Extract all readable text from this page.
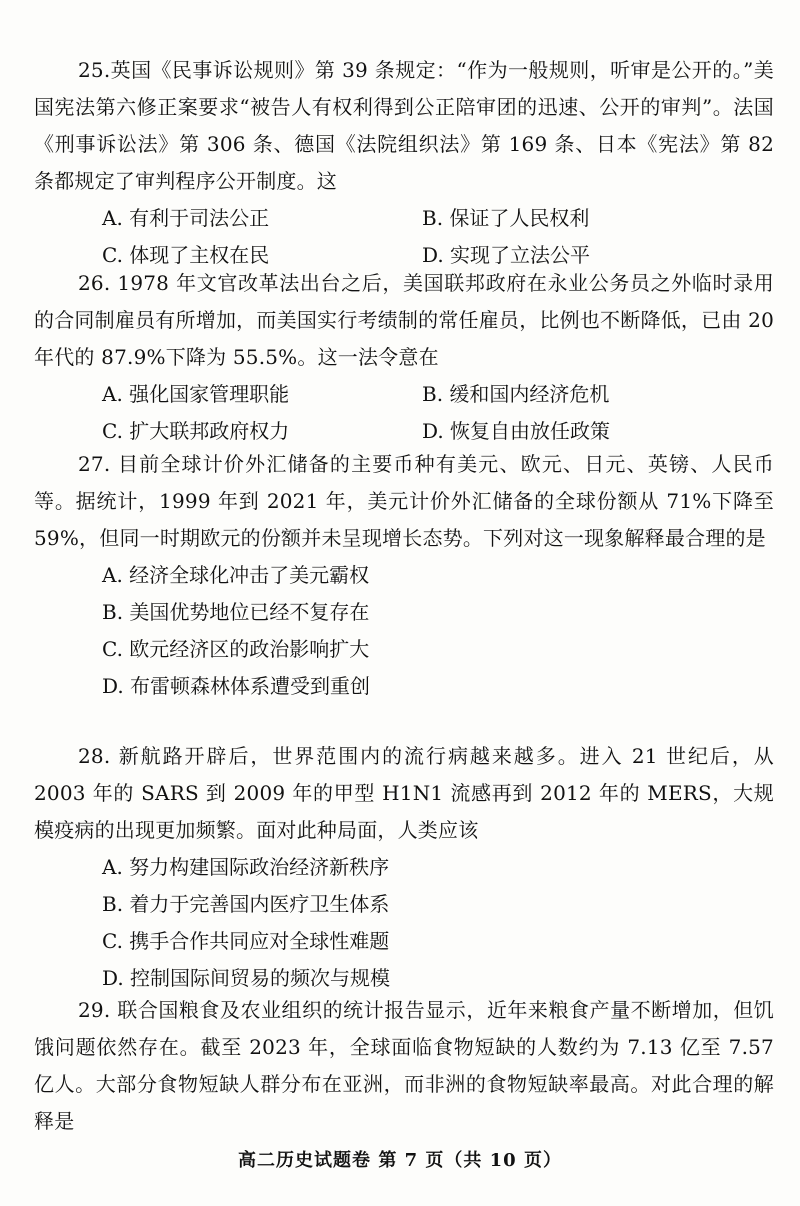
25.英国《民事诉讼规则》第 39 条规定：“作为一般规则，听审是公开的。”美国宪法第六修正案要求“被告人有权利得到公正陪审团的迅速、公开的审判”。法国《刑事诉讼法》第 306 条、德国《法院组织法》第 169 条、日本《宪法》第 82 条都规定了审判程序公开制度。这

A. 有利于司法公正	B. 保证了人民权利
C. 体现了主权在民	D. 实现了立法公平

26. 1978 年文官改革法出台之后，美国联邦政府在永业公务员之外临时录用的合同制雇员有所增加，而美国实行考绩制的常任雇员，比例也不断降低，已由 20 年代的 87.9%下降为 55.5%。这一法令意在

A. 强化国家管理职能	B. 缓和国内经济危机
C. 扩大联邦政府权力	D. 恢复自由放任政策

27. 目前全球计价外汇储备的主要币种有美元、欧元、日元、英镑、人民币等。据统计，1999 年到 2021 年，美元计价外汇储备的全球份额从 71%下降至 59%，但同一时期欧元的份额并未呈现增长态势。下列对这一现象解释最合理的是

A. 经济全球化冲击了美元霸权
B. 美国优势地位已经不复存在
C. 欧元经济区的政治影响扩大
D. 布雷顿森林体系遭受到重创

28. 新航路开辟后，世界范围内的流行病越来越多。进入 21 世纪后，从 2003 年的 SARS 到 2009 年的甲型 H1N1 流感再到 2012 年的 MERS，大规模疫病的出现更加频繁。面对此种局面，人类应该

A. 努力构建国际政治经济新秩序
B. 着力于完善国内医疗卫生体系
C. 携手合作共同应对全球性难题
D. 控制国际间贸易的频次与规模

29. 联合国粮食及农业组织的统计报告显示，近年来粮食产量不断增加，但饥饿问题依然存在。截至 2023 年，全球面临食物短缺的人数约为 7.13 亿至 7.57 亿人。大部分食物短缺人群分布在亚洲，而非洲的食物短缺率最高。对此合理的解释是

高二历史试题卷 第 7 页（共 10 页）
